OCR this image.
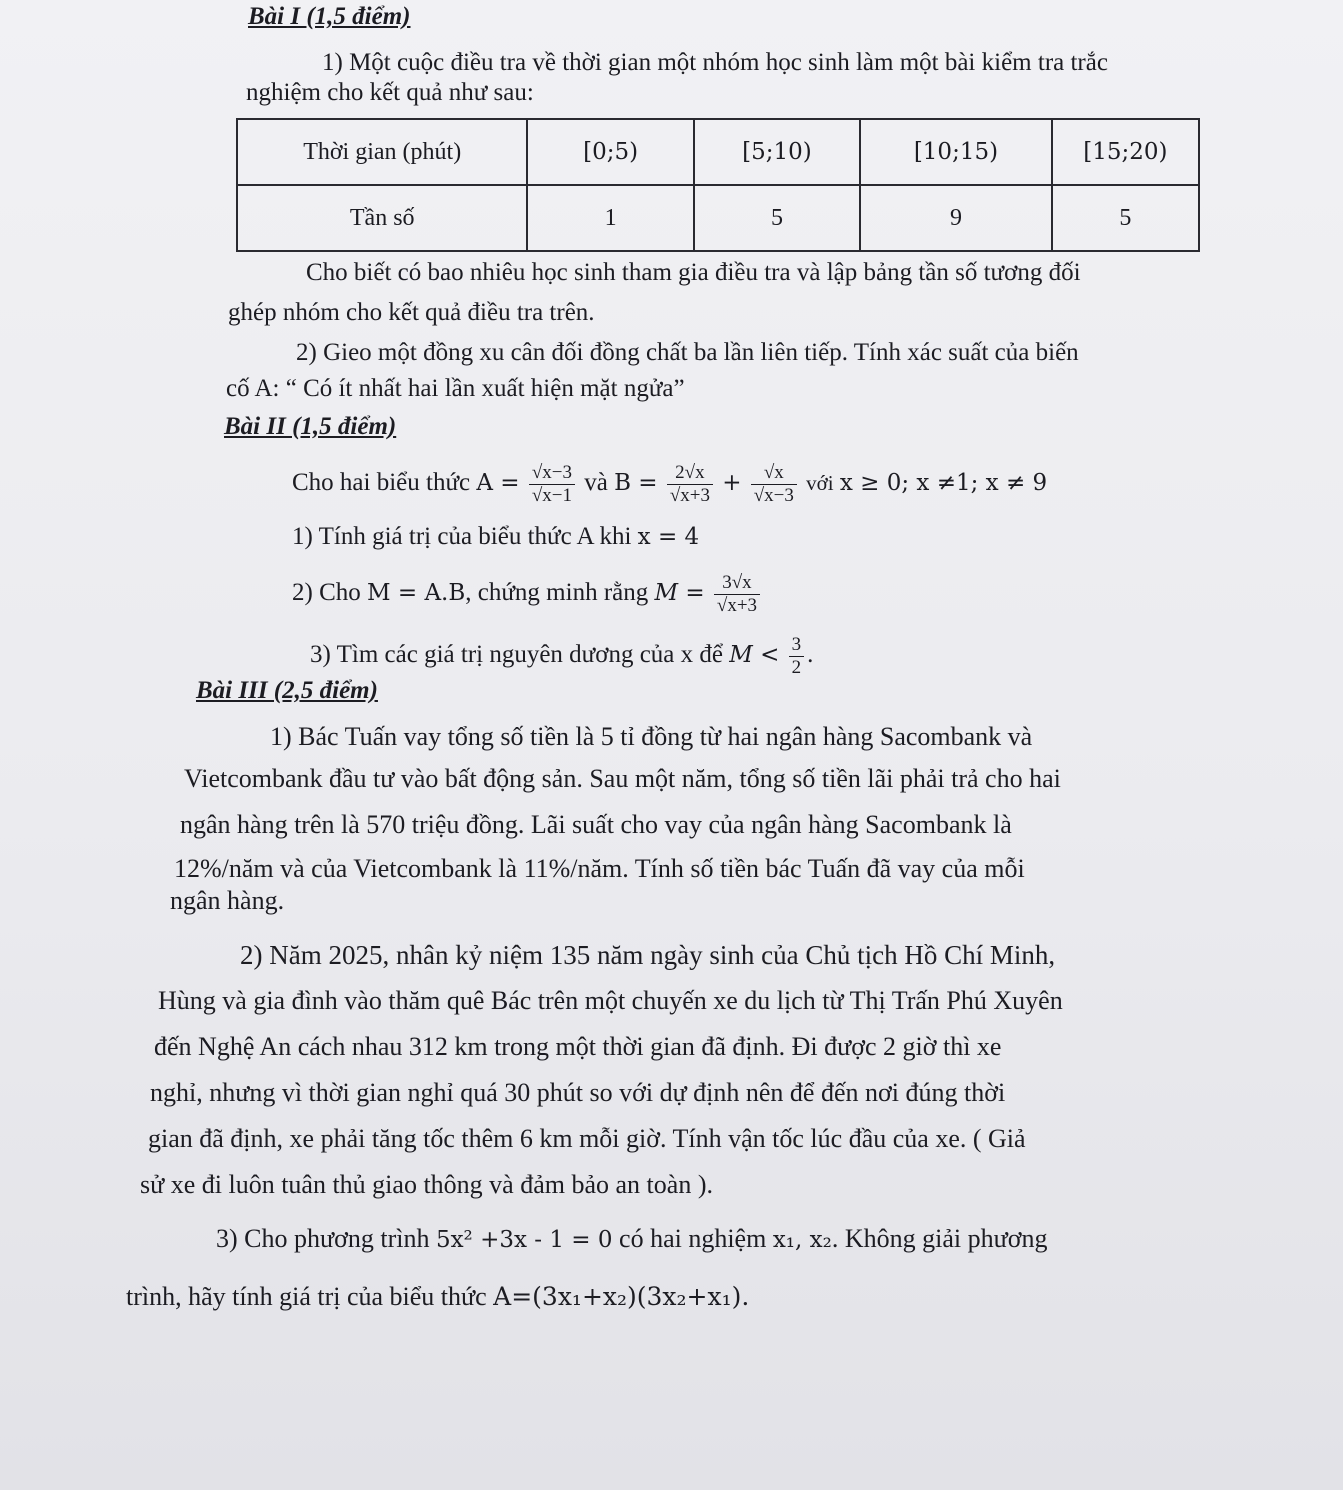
Bài I (1,5 điểm)
1) Một cuộc điều tra về thời gian một nhóm học sinh làm một bài kiểm tra trắc
nghiệm cho kết quả như sau:
Thời gian (phút)	[0;5)	[5;10)	[10;15)	[15;20)
Tần số	1	5	9	5
Cho biết có bao nhiêu học sinh tham gia điều tra và lập bảng tần số tương đối
ghép nhóm cho kết quả điều tra trên.
2) Gieo một đồng xu cân đối đồng chất ba lần liên tiếp. Tính xác suất của biến
cố A: “ Có ít nhất hai lần xuất hiện mặt ngửa”
Bài II (1,5 điểm)
Cho hai biểu thức $A = \frac{√x-3}{√x-1}$ và $B = \frac{2√x}{√x+3} + \frac{√x}{√x-3}$ với x ≥ 0; x ≠1; x ≠ 9
1) Tính giá trị của biểu thức A khi x = 4
2) Cho M = A.B, chứng minh rằng $M = \frac{3√x}{√x+3}$
3) Tìm các giá trị nguyên dương của x để $M < \frac{3}{2}$ .
Bài III (2,5 điểm)
1) Bác Tuấn vay tổng số tiền là 5 tỉ đồng từ hai ngân hàng Sacombank và
Vietcombank đầu tư vào bất động sản. Sau một năm, tổng số tiền lãi phải trả cho hai
ngân hàng trên là 570 triệu đồng. Lãi suất cho vay của ngân hàng Sacombank là
12%/năm và của Vietcombank là 11%/năm. Tính số tiền bác Tuấn đã vay của mỗi
ngân hàng.
2) Năm 2025, nhân kỷ niệm 135 năm ngày sinh của Chủ tịch Hồ Chí Minh,
Hùng và gia đình vào thăm quê Bác trên một chuyến xe du lịch từ Thị Trấn Phú Xuyên
đến Nghệ An cách nhau 312 km trong một thời gian đã định. Đi được 2 giờ thì xe
nghỉ, nhưng vì thời gian nghỉ quá 30 phút so với dự định nên để đến nơi đúng thời
gian đã định, xe phải tăng tốc thêm 6 km mỗi giờ. Tính vận tốc lúc đầu của xe. ( Giả
sử xe đi luôn tuân thủ giao thông và đảm bảo an toàn ).
3) Cho phương trình 5x² +3x - 1 = 0 có hai nghiệm x₁, x₂. Không giải phương
trình, hãy tính giá trị của biểu thức A=(3x₁+x₂)(3x₂+x₁).
